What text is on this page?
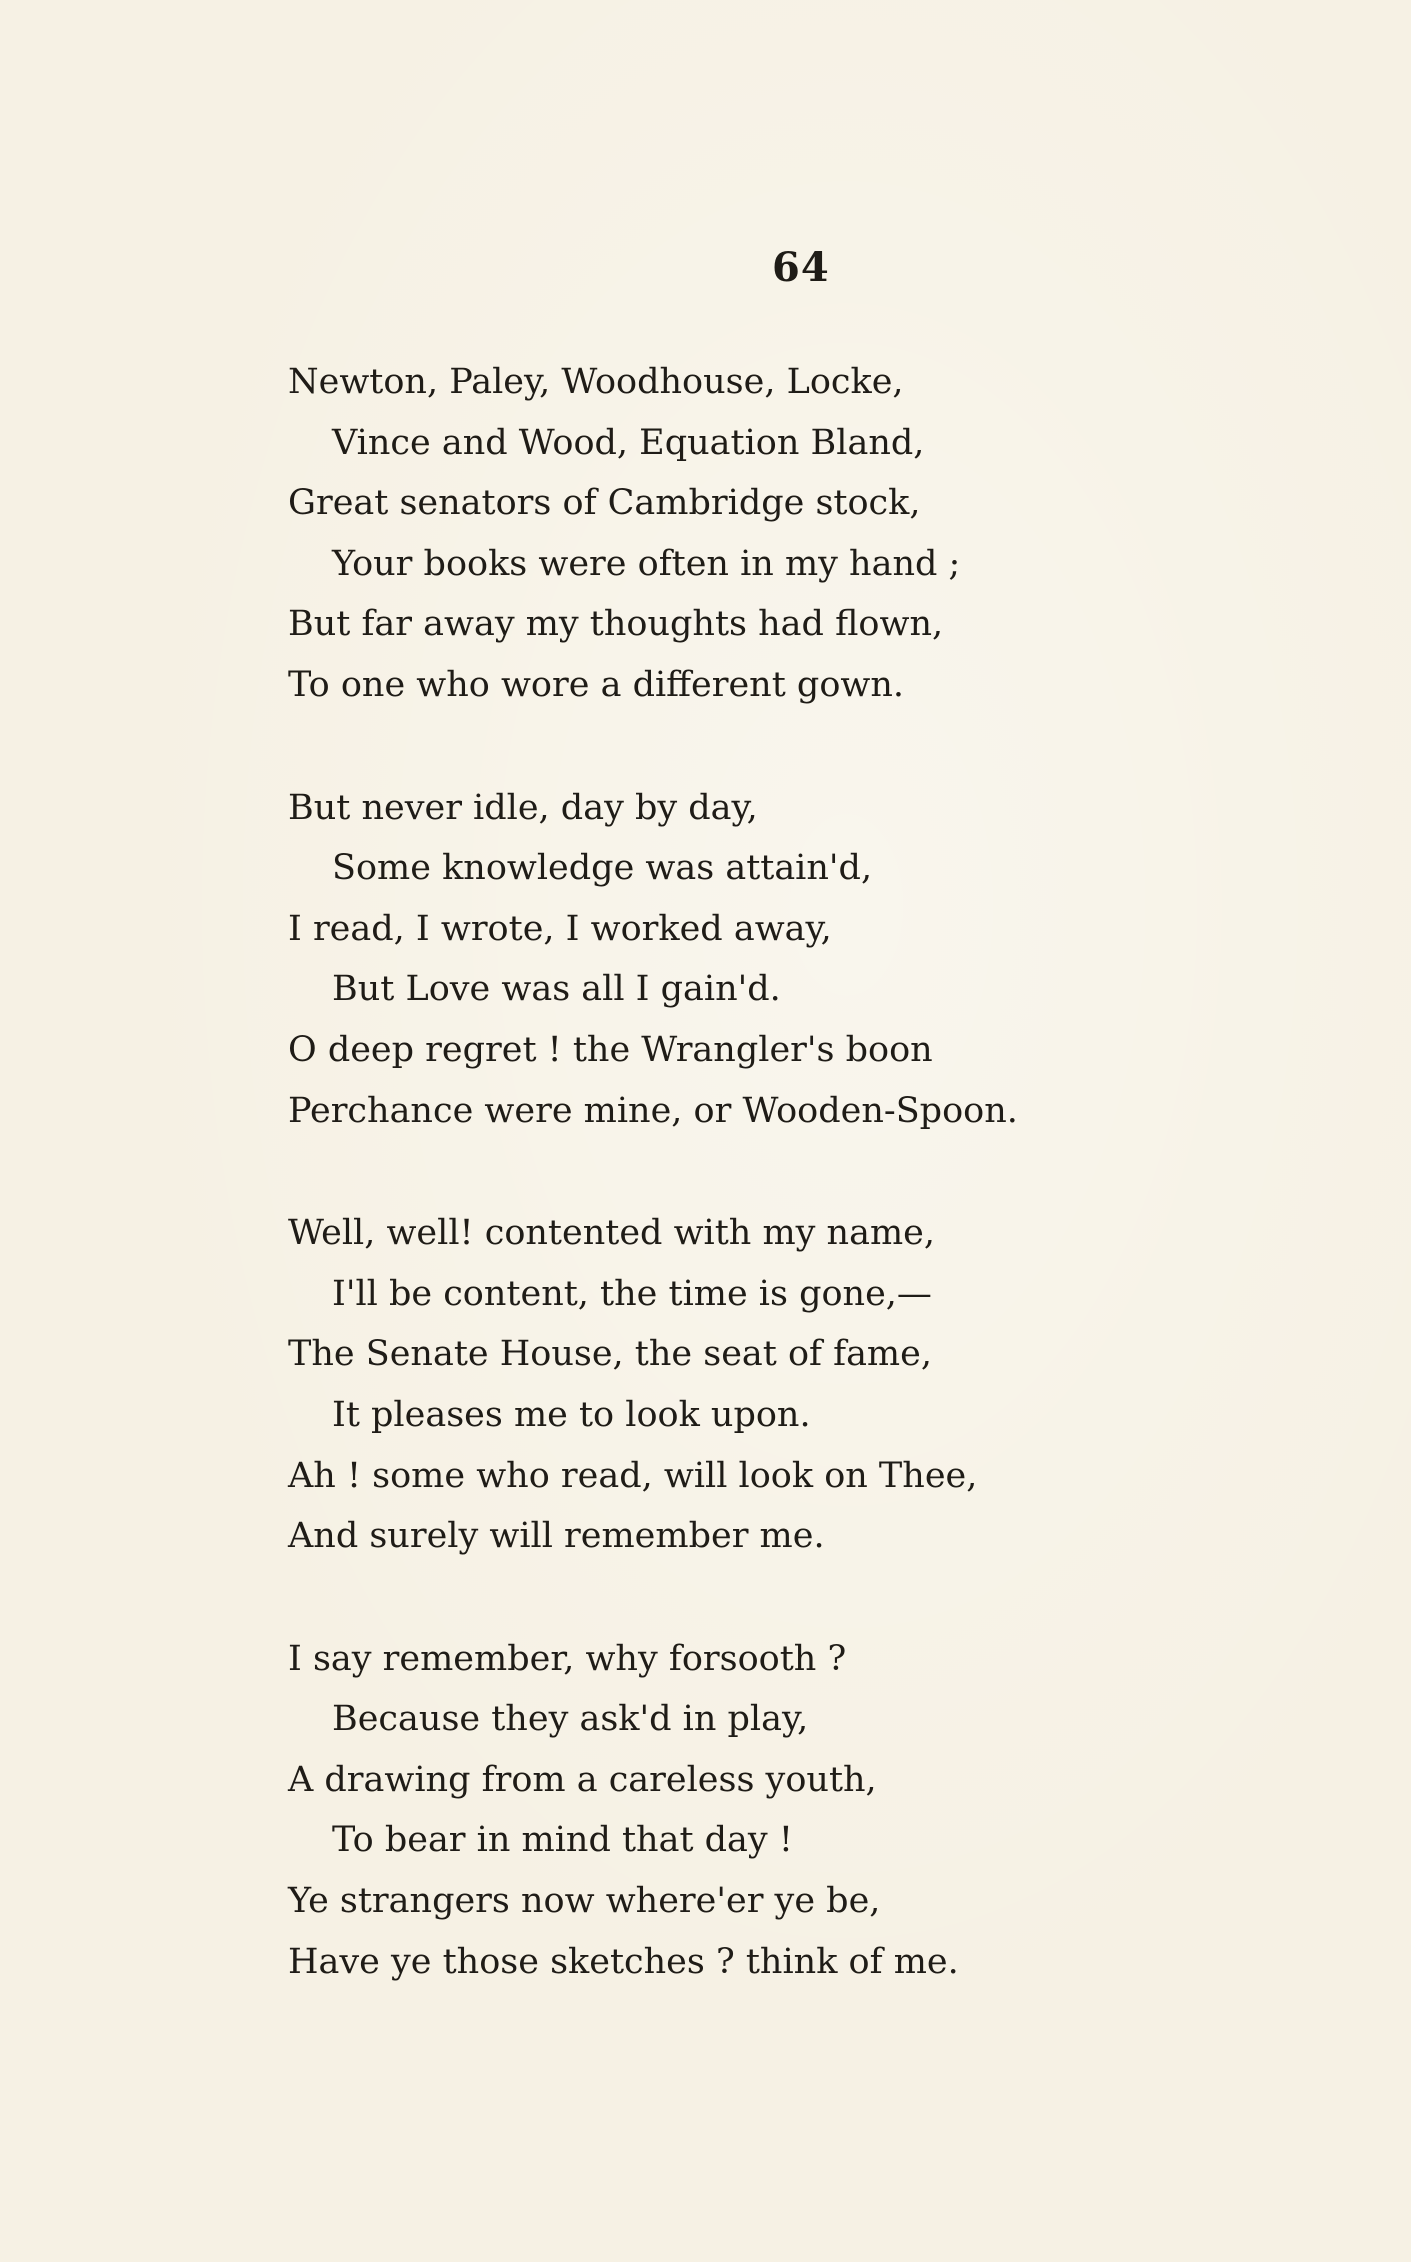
64
Newton, Paley, Woodhouse, Locke,
Vince and Wood, Equation Bland,
Great senators of Cambridge stock,
Your books were often in my hand ;
But far away my thoughts had flown,
To one who wore a different gown.
But never idle, day by day,
Some knowledge was attain'd,
I read, I wrote, I worked away,
But Love was all I gain'd.
O deep regret ! the Wrangler's boon
Perchance were mine, or Wooden-Spoon.
Well, well! contented with my name,
I'll be content, the time is gone,—
The Senate House, the seat of fame,
It pleases me to look upon.
Ah ! some who read, will look on Thee,
And surely will remember me.
I say remember, why forsooth ?
Because they ask'd in play,
A drawing from a careless youth,
To bear in mind that day !
Ye strangers now where'er ye be,
Have ye those sketches ? think of me.
